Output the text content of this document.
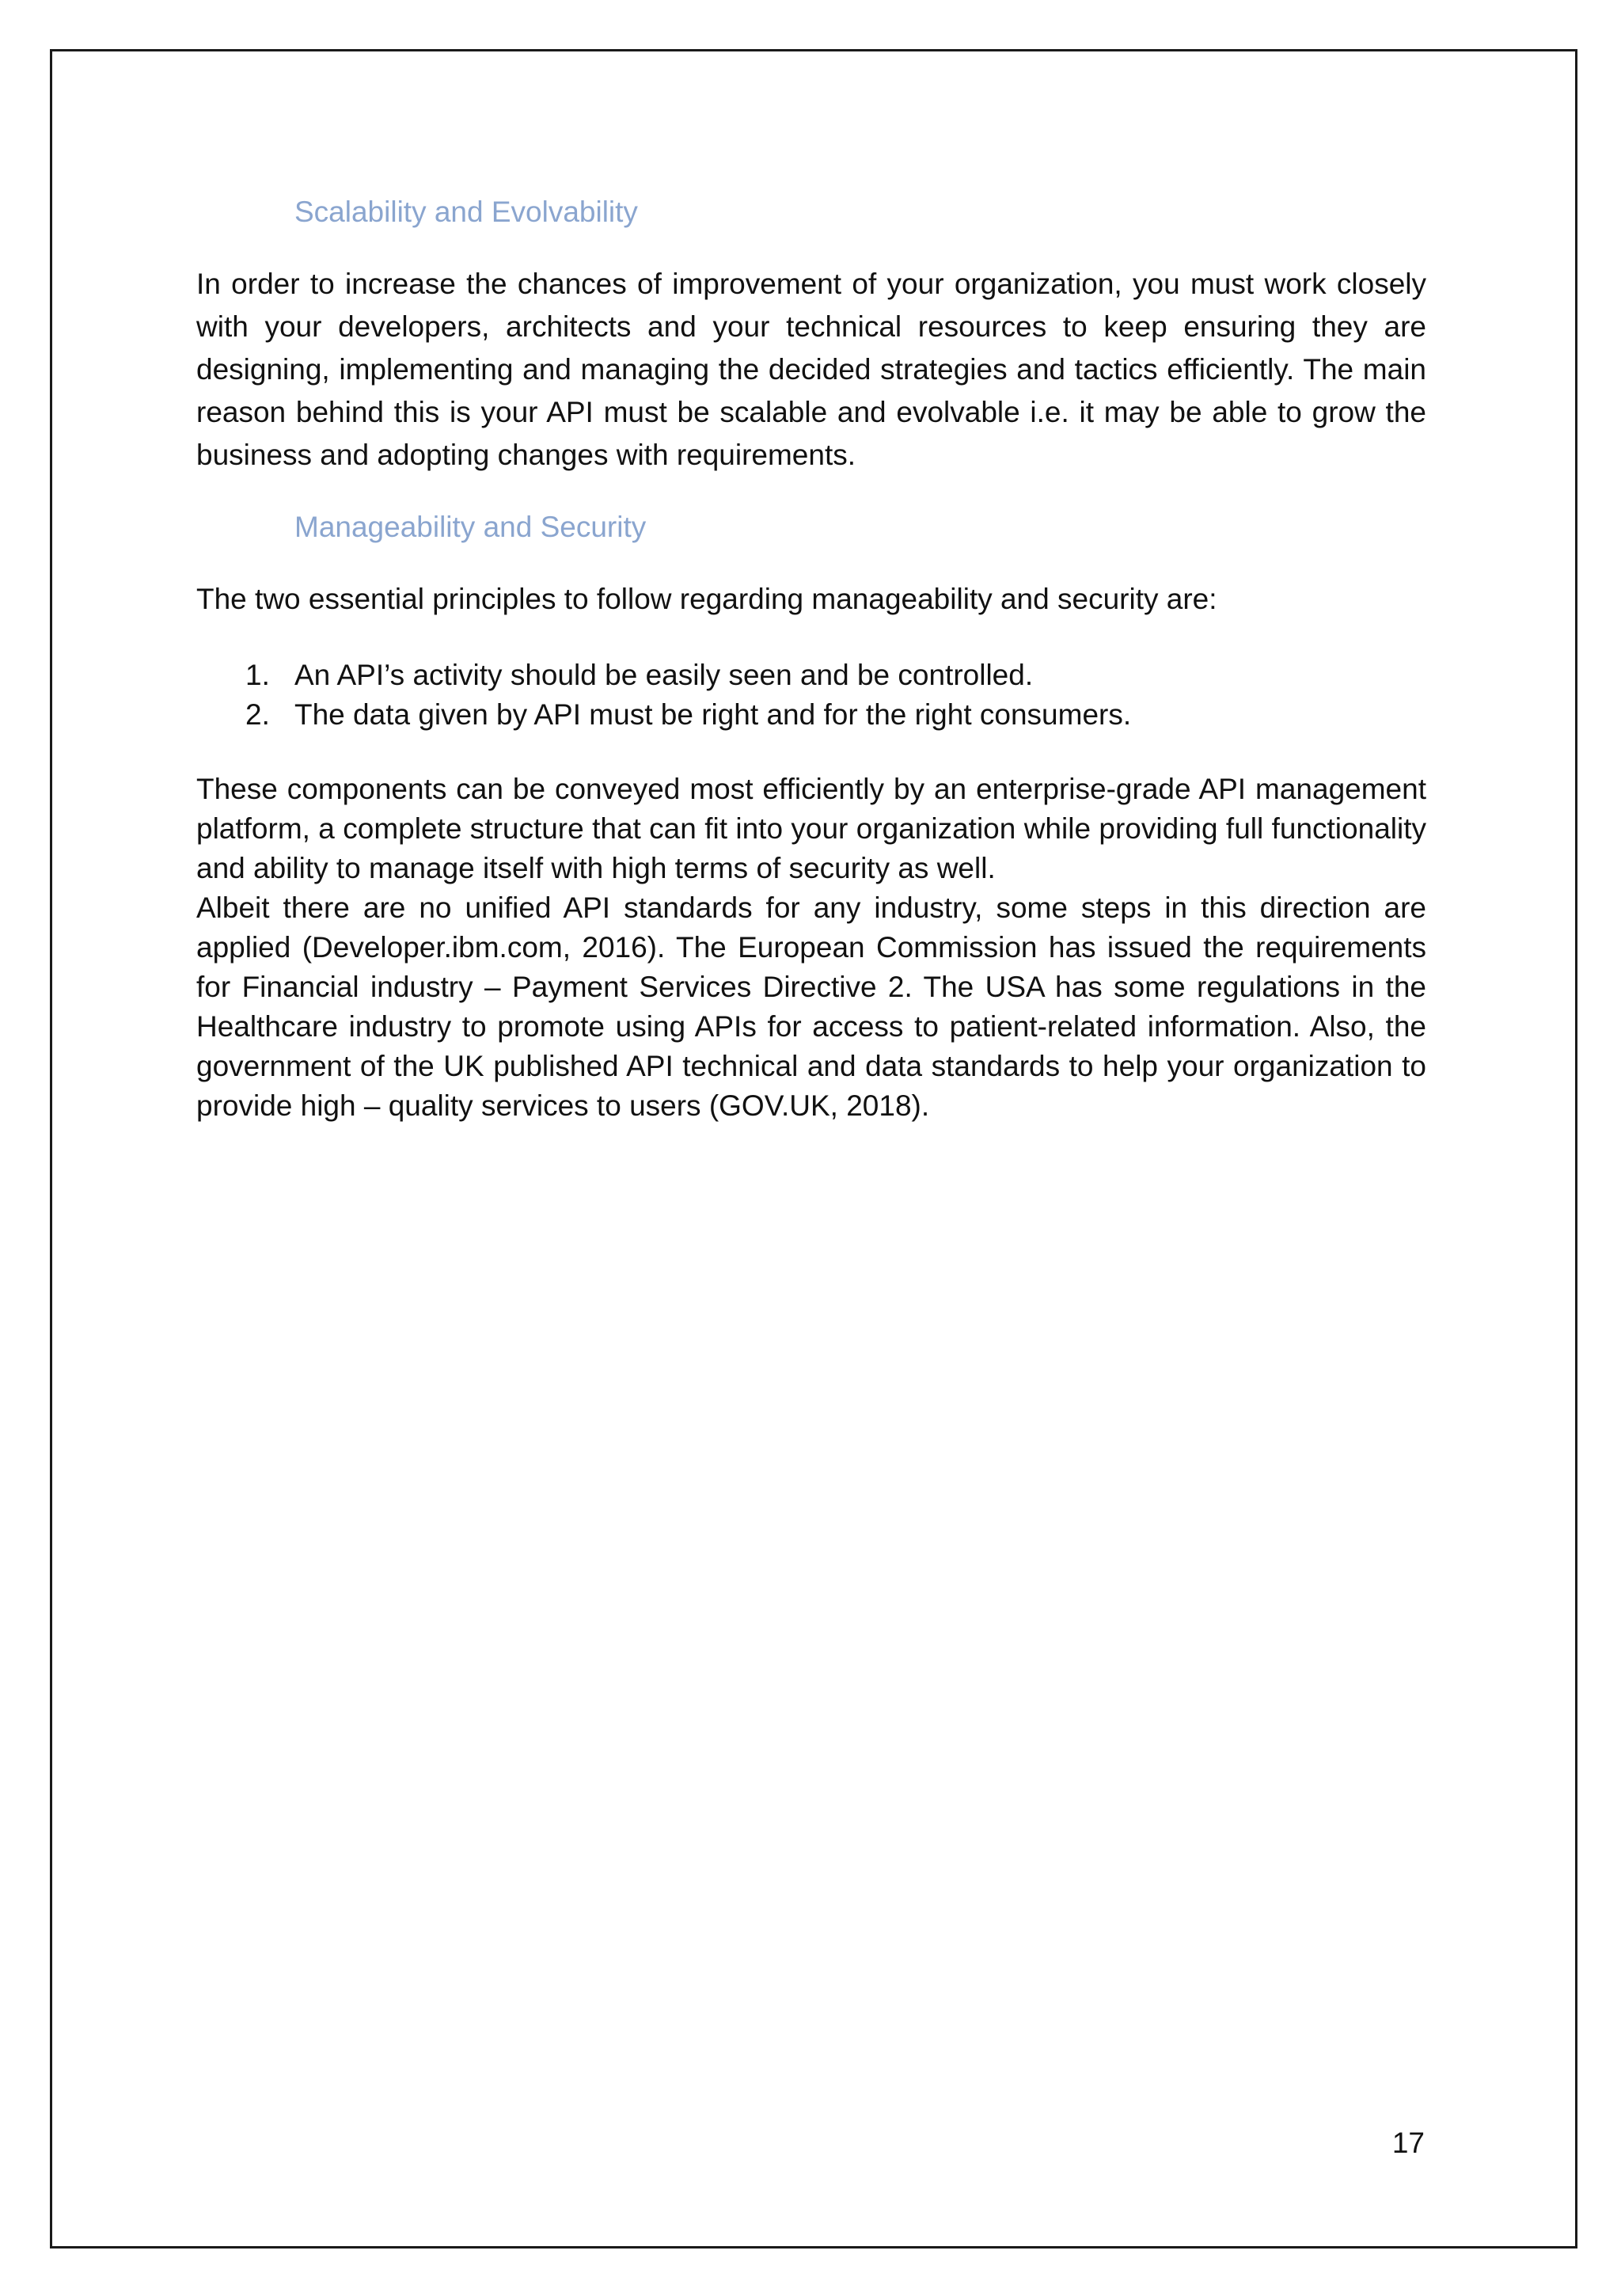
Scalability and Evolvability

In order to increase the chances of improvement of your organization, you must work closely with your developers, architects and your technical resources to keep ensuring they are designing, implementing and managing the decided strategies and tactics efficiently. The main reason behind this is your API must be scalable and evolvable i.e. it may be able to grow the business and adopting changes with requirements.

Manageability and Security

The two essential principles to follow regarding manageability and security are:

1. An API’s activity should be easily seen and be controlled.
2. The data given by API must be right and for the right consumers.

These components can be conveyed most efficiently by an enterprise-grade API management platform, a complete structure that can fit into your organization while providing full functionality and ability to manage itself with high terms of security as well.

Albeit there are no unified API standards for any industry, some steps in this direction are applied (Developer.ibm.com, 2016). The European Commission has issued the requirements for Financial industry – Payment Services Directive 2. The USA has some regulations in the Healthcare industry to promote using APIs for access to patient-related information. Also, the government of the UK published API technical and data standards to help your organization to provide high – quality services to users (GOV.UK, 2018).

17
